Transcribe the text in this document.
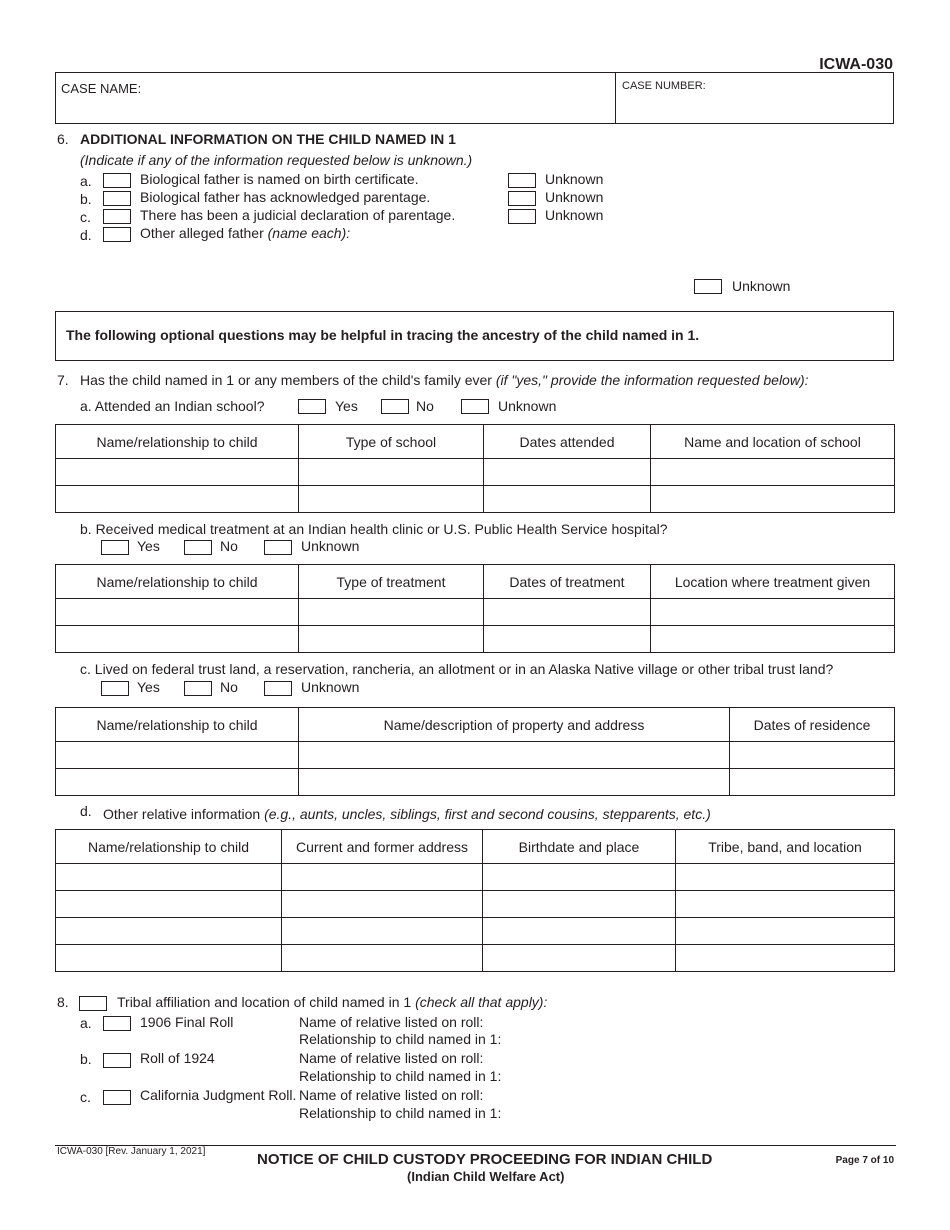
ICWA-030
CASE NAME:	CASE NUMBER:
6. ADDITIONAL INFORMATION ON THE CHILD NAMED IN 1
(Indicate if any of the information requested below is unknown.)
a.	Biological father is named on birth certificate.	Unknown
b.	Biological father has acknowledged parentage.	Unknown
c.	There has been a judicial declaration of parentage.	Unknown
d.	Other alleged father (name each):
Unknown
The following optional questions may be helpful in tracing the ancestry of the child named in 1.
7. Has the child named in 1 or any members of the child's family ever (if "yes," provide the information requested below):
a. Attended an Indian school?	Yes	No	Unknown
Name/relationship to child	Type of school	Dates attended	Name and location of school

b. Received medical treatment at an Indian health clinic or U.S. Public Health Service hospital?
Yes	No	Unknown
Name/relationship to child	Type of treatment	Dates of treatment	Location where treatment given

c. Lived on federal trust land, a reservation, rancheria, an allotment or in an Alaska Native village or other tribal trust land?
Yes	No	Unknown
Name/relationship to child	Name/description of property and address	Dates of residence

d. Other relative information (e.g., aunts, uncles, siblings, first and second cousins, stepparents, etc.)
Name/relationship to child	Current and former address	Birthdate and place	Tribe, band, and location

8.	Tribal affiliation and location of child named in 1 (check all that apply):
a.	1906 Final Roll	Name of relative listed on roll:
Relationship to child named in 1:
b.	Roll of 1924	Name of relative listed on roll:
Relationship to child named in 1:
c.	California Judgment Roll. Name of relative listed on roll:
Relationship to child named in 1:
ICWA-030 [Rev. January 1, 2021]	NOTICE OF CHILD CUSTODY PROCEEDING FOR INDIAN CHILD
(Indian Child Welfare Act)
Page 7 of 10
